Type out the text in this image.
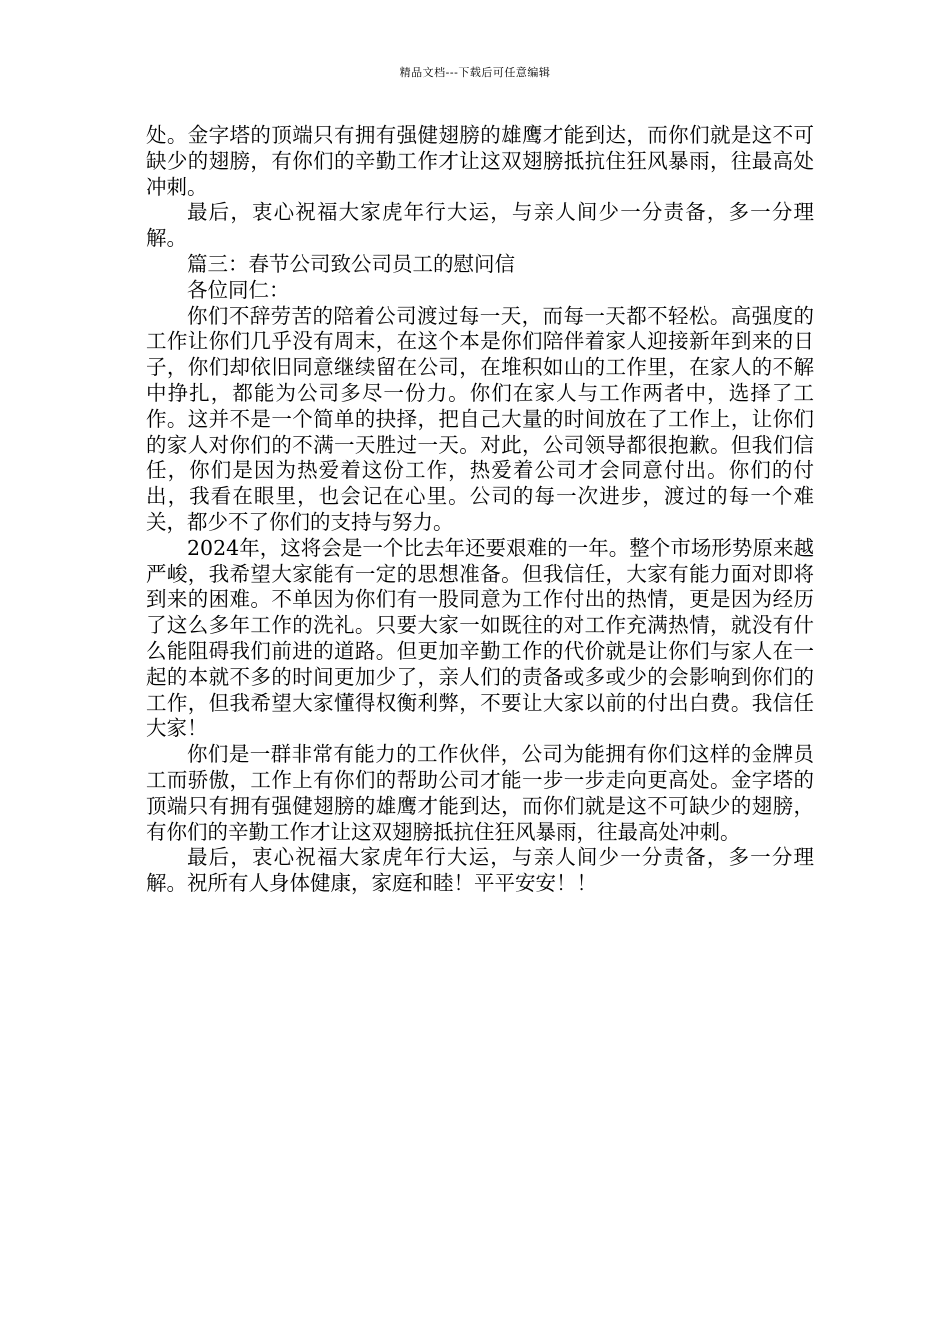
精品文档---下载后可任意编辑

处。金字塔的顶端只有拥有强健翅膀的雄鹰才能到达，而你们就是这不可缺少的翅膀，有你们的辛勤工作才让这双翅膀抵抗住狂风暴雨，往最高处冲刺。

最后，衷心祝福大家虎年行大运，与亲人间少一分责备，多一分理解。

篇三：春节公司致公司员工的慰问信

各位同仁：

你们不辞劳苦的陪着公司渡过每一天，而每一天都不轻松。高强度的工作让你们几乎没有周末，在这个本是你们陪伴着家人迎接新年到来的日子，你们却依旧同意继续留在公司，在堆积如山的工作里，在家人的不解中挣扎，都能为公司多尽一份力。你们在家人与工作两者中，选择了工作。这并不是一个简单的抉择，把自己大量的时间放在了工作上，让你们的家人对你们的不满一天胜过一天。对此，公司领导都很抱歉。但我们信任，你们是因为热爱着这份工作，热爱着公司才会同意付出。你们的付出，我看在眼里，也会记在心里。公司的每一次进步，渡过的每一个难关，都少不了你们的支持与努力。

2024年，这将会是一个比去年还要艰难的一年。整个市场形势原来越严峻，我希望大家能有一定的思想准备。但我信任，大家有能力面对即将到来的困难。不单因为你们有一股同意为工作付出的热情，更是因为经历了这么多年工作的洗礼。只要大家一如既往的对工作充满热情，就没有什么能阻碍我们前进的道路。但更加辛勤工作的代价就是让你们与家人在一起的本就不多的时间更加少了，亲人们的责备或多或少的会影响到你们的工作，但我希望大家懂得权衡利弊，不要让大家以前的付出白费。我信任大家！

你们是一群非常有能力的工作伙伴，公司为能拥有你们这样的金牌员工而骄傲，工作上有你们的帮助公司才能一步一步走向更高处。金字塔的顶端只有拥有强健翅膀的雄鹰才能到达，而你们就是这不可缺少的翅膀，有你们的辛勤工作才让这双翅膀抵抗住狂风暴雨，往最高处冲刺。

最后，衷心祝福大家虎年行大运，与亲人间少一分责备，多一分理解。祝所有人身体健康，家庭和睦！平平安安！！
